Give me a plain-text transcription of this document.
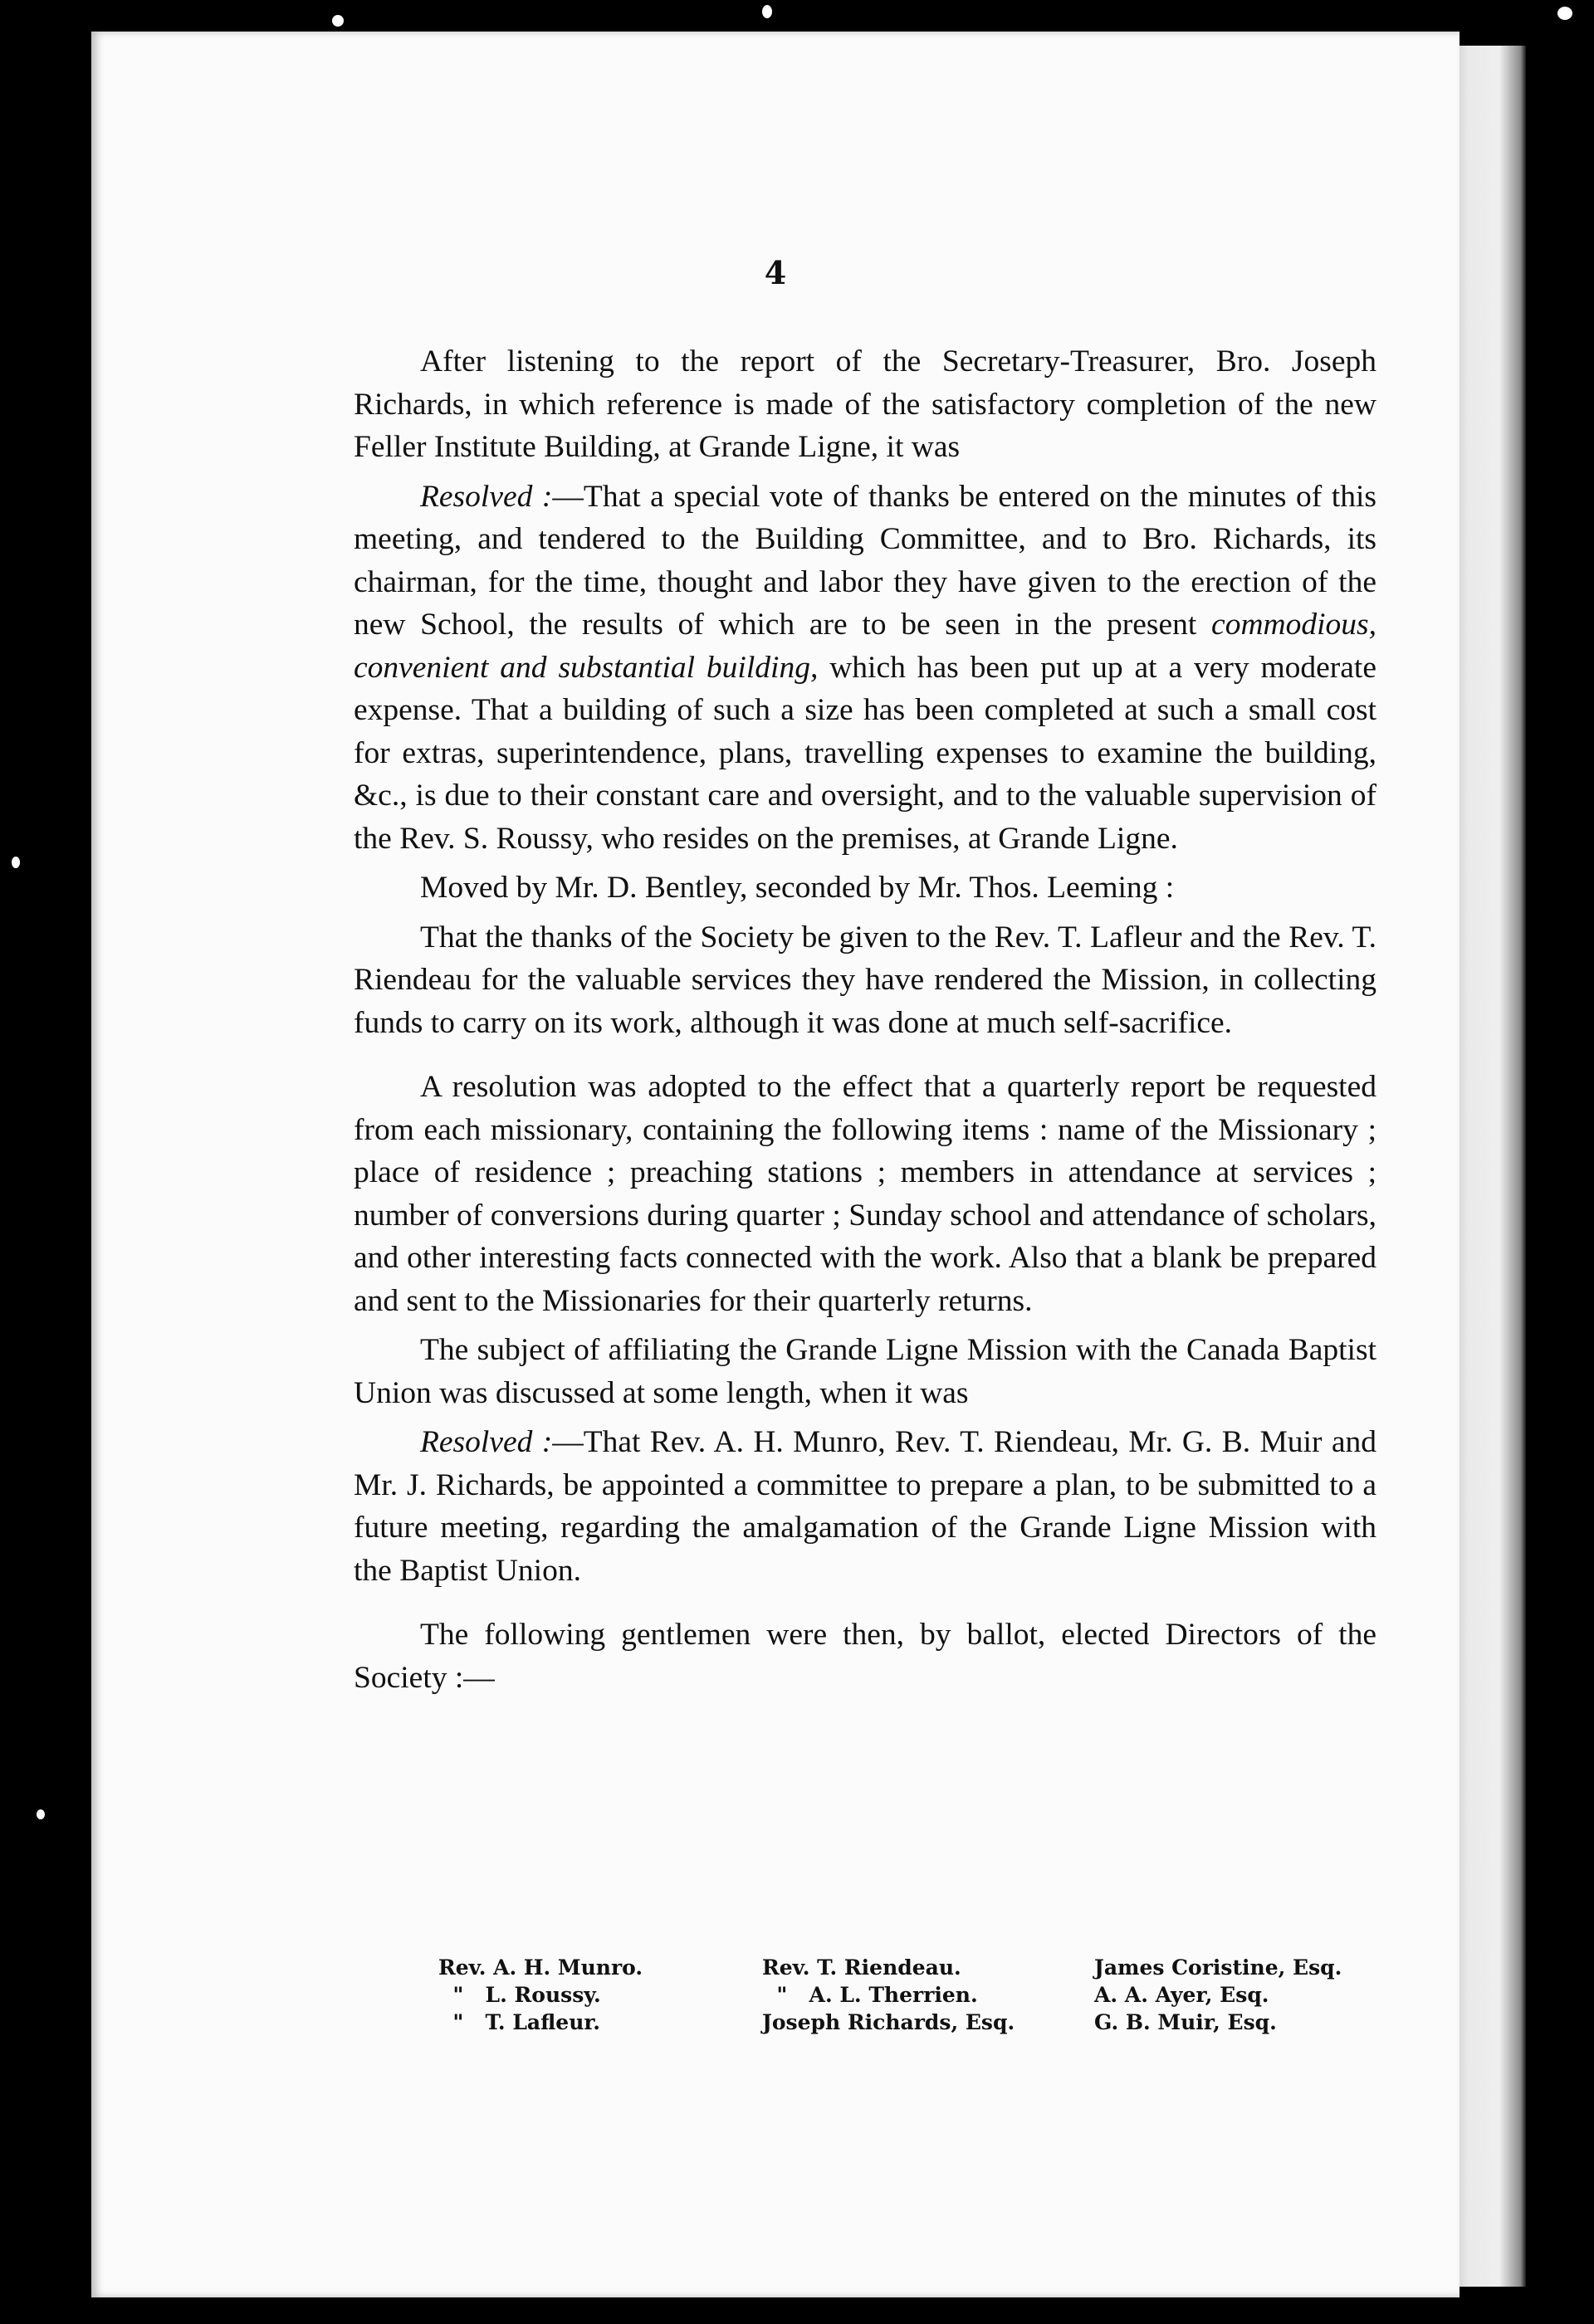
4

After listening to the report of the Secretary-Treasurer, Bro. Joseph Richards, in which reference is made of the satisfactory completion of the new Feller Institute Building, at Grande Ligne, it was

Resolved :—That a special vote of thanks be entered on the minutes of this meeting, and tendered to the Building Committee, and to Bro. Richards, its chairman, for the time, thought and labor they have given to the erection of the new School, the results of which are to be seen in the present commodious, convenient and substantial building, which has been put up at a very moderate expense. That a building of such a size has been completed at such a small cost for extras, superintendence, plans, travelling expenses to examine the building, &c., is due to their constant care and oversight, and to the valuable supervision of the Rev. S. Roussy, who resides on the premises, at Grande Ligne.

Moved by Mr. D. Bentley, seconded by Mr. Thos. Leeming :

That the thanks of the Society be given to the Rev. T. Lafleur and the Rev. T. Riendeau for the valuable services they have rendered the Mission, in collecting funds to carry on its work, although it was done at much self-sacrifice.

A resolution was adopted to the effect that a quarterly report be requested from each missionary, containing the following items : name of the Missionary ; place of residence ; preaching stations ; members in attendance at services ; number of conversions during quarter ; Sunday school and attendance of scholars, and other interesting facts connected with the work. Also that a blank be prepared and sent to the Missionaries for their quarterly returns.

The subject of affiliating the Grande Ligne Mission with the Canada Baptist Union was discussed at some length, when it was

Resolved :—That Rev. A. H. Munro, Rev. T. Riendeau, Mr. G. B. Muir and Mr. J. Richards, be appointed a committee to prepare a plan, to be submitted to a future meeting, regarding the amalgamation of the Grande Ligne Mission with the Baptist Union.

The following gentlemen were then, by ballot, elected Directors of the Society :—

Rev. A. H. Munro.
"   L. Roussy.
"   T. Lafleur.
Rev. T. Riendeau.
"   A. L. Therrien.
Joseph Richards, Esq.
James Coristine, Esq.
A. A. Ayer, Esq.
G. B. Muir, Esq.
